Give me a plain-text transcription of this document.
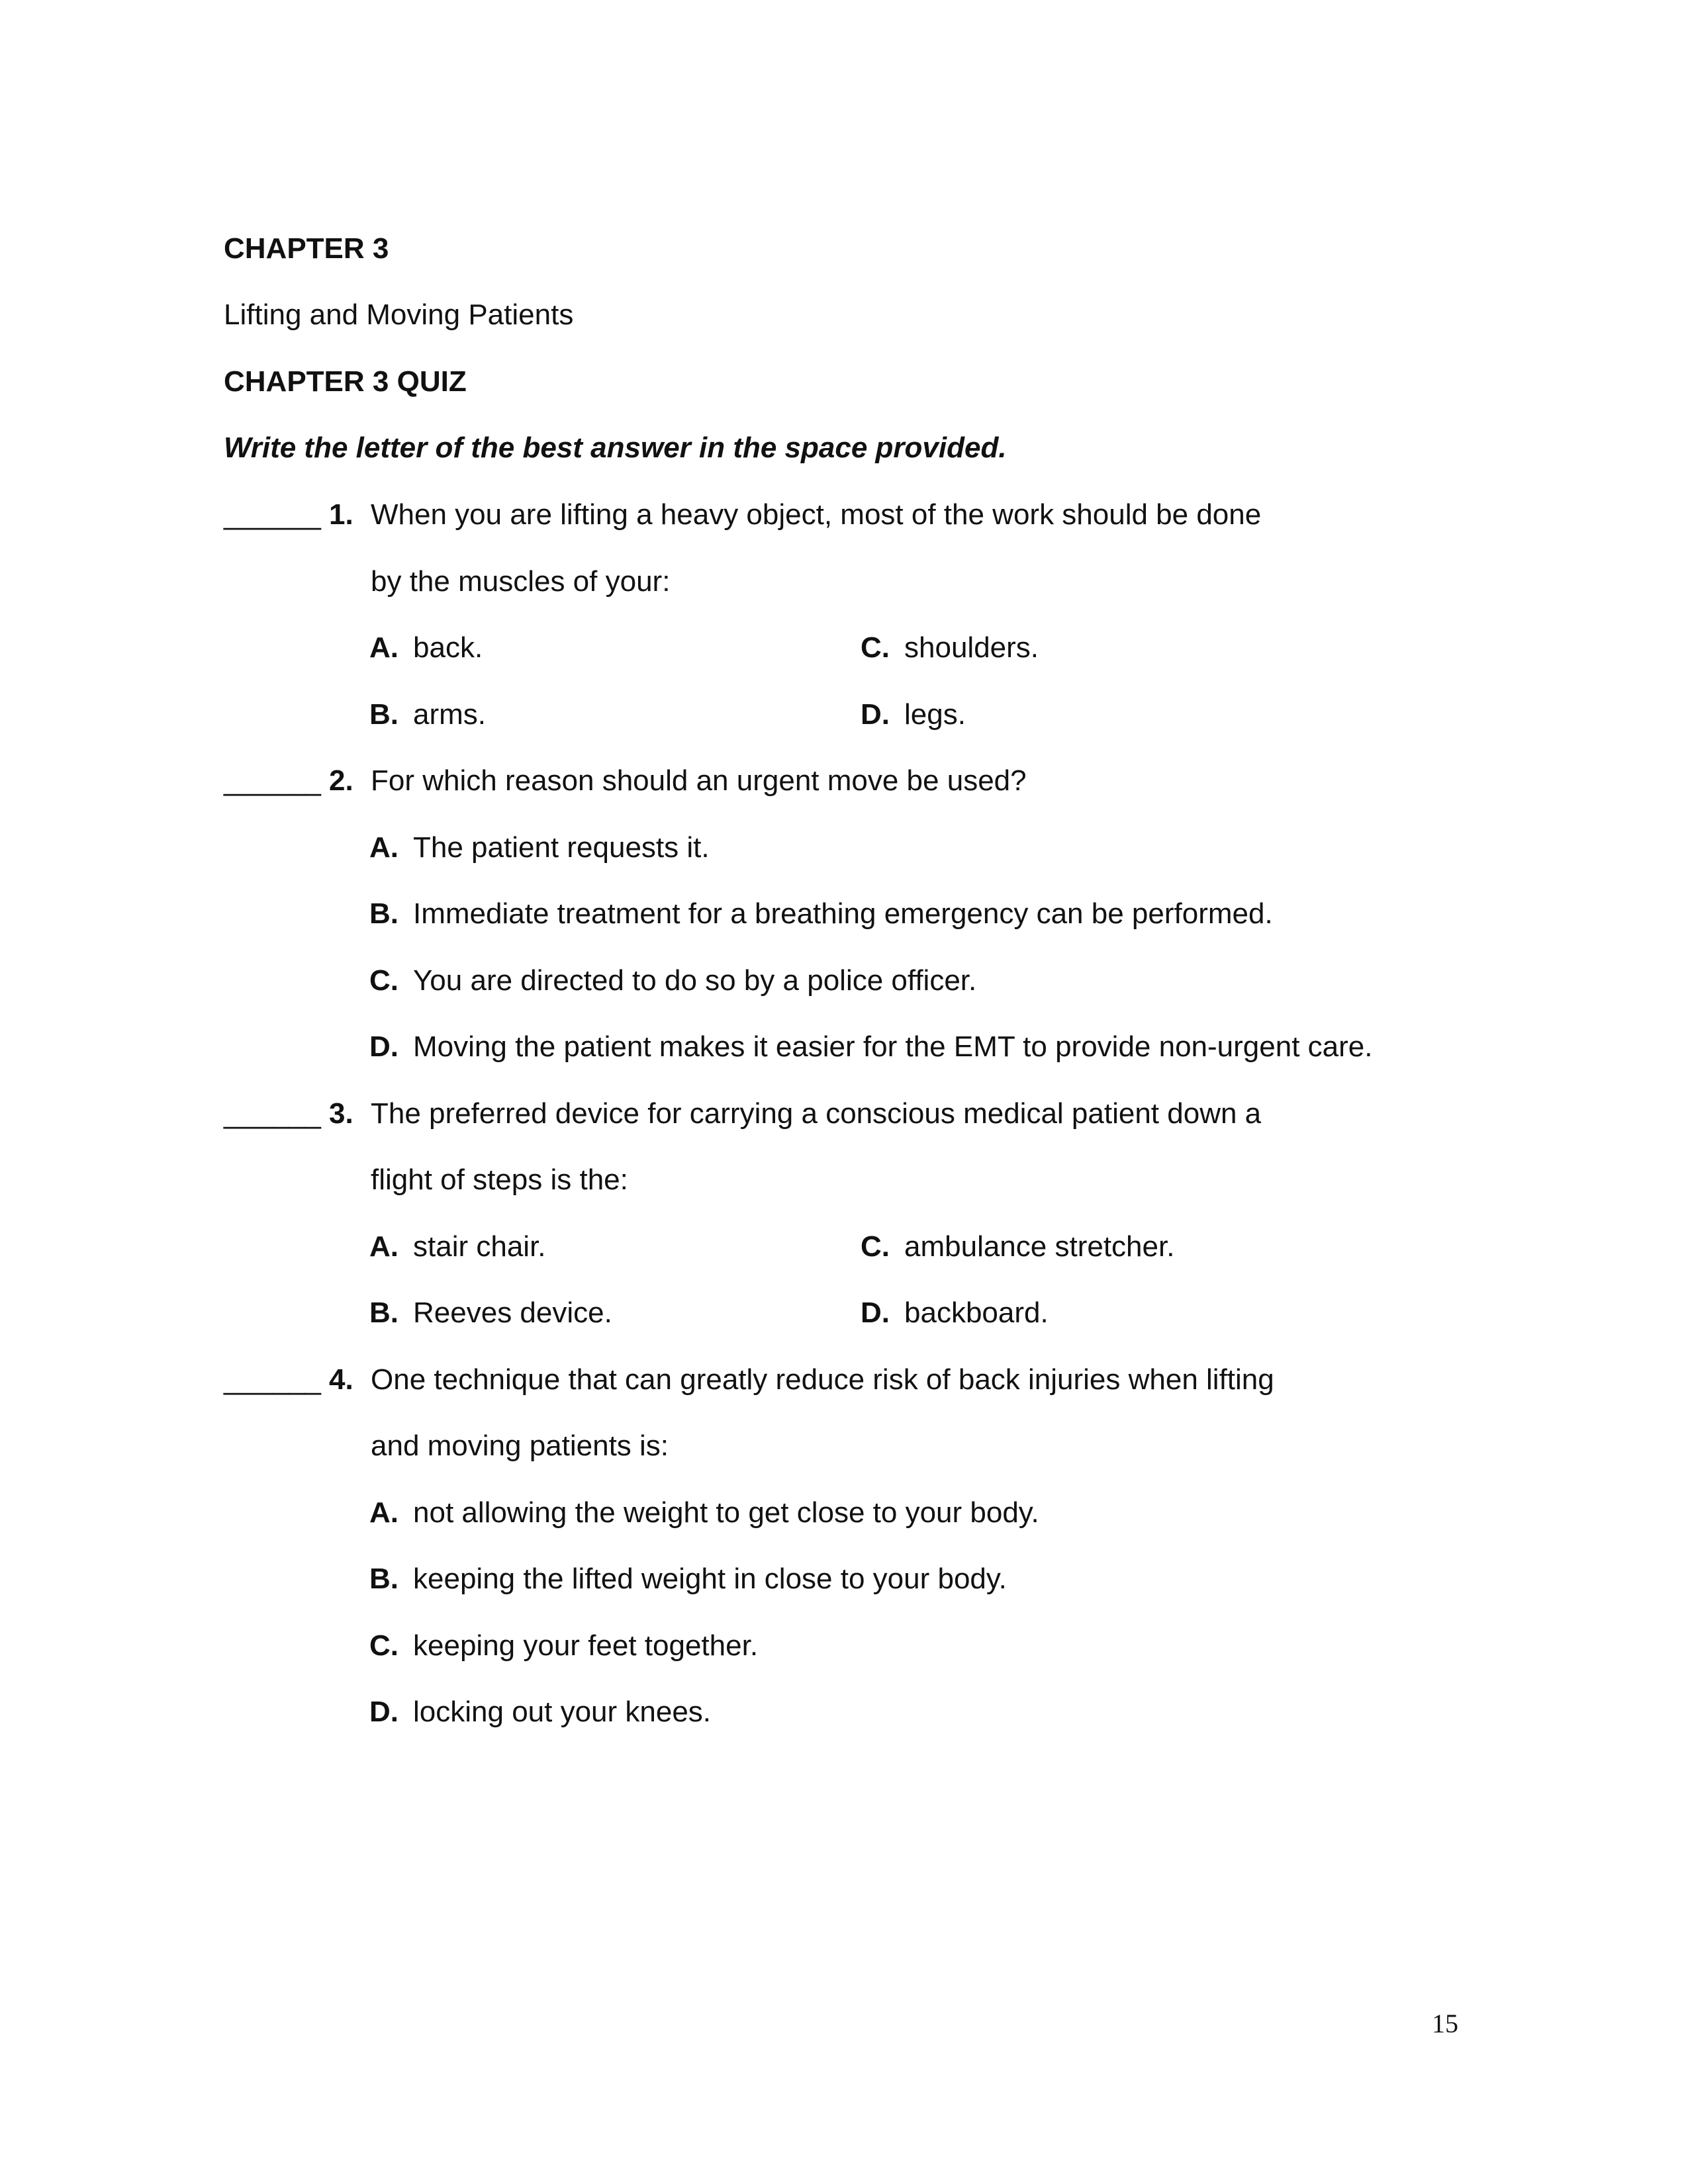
CHAPTER 3
Lifting and Moving Patients
CHAPTER 3 QUIZ
Write the letter of the best answer in the space provided.
______ 1. When you are lifting a heavy object, most of the work should be done
by the muscles of your:
A. back.	C. shoulders.
B. arms.	D. legs.
______ 2. For which reason should an urgent move be used?
A. The patient requests it.
B. Immediate treatment for a breathing emergency can be performed.
C. You are directed to do so by a police officer.
D. Moving the patient makes it easier for the EMT to provide non-urgent care.
______ 3. The preferred device for carrying a conscious medical patient down a
flight of steps is the:
A. stair chair.	C. ambulance stretcher.
B. Reeves device.	D. backboard.
______ 4. One technique that can greatly reduce risk of back injuries when lifting
and moving patients is:
A. not allowing the weight to get close to your body.
B. keeping the lifted weight in close to your body.
C. keeping your feet together.
D. locking out your knees.
15
